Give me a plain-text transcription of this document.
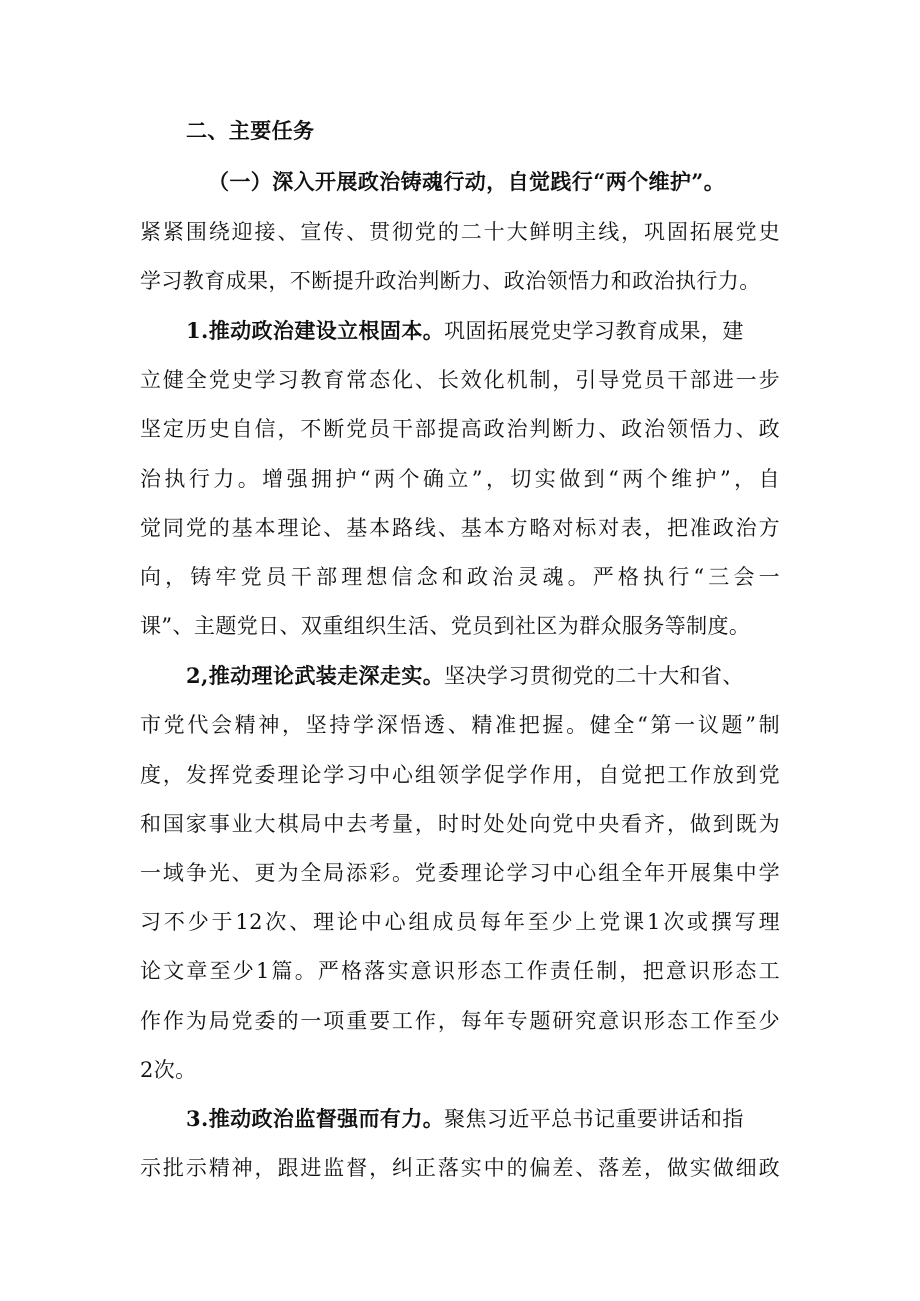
二、主要任务
（一）深入开展政治铸魂行动，自觉践行“两个维护”。
紧紧围绕迎接、宣传、贯彻党的二十大鲜明主线，巩固拓展党史
学习教育成果，不断提升政治判断力、政治领悟力和政治执行力。
1.推动政治建设立根固本。巩固拓展党史学习教育成果，建
立健全党史学习教育常态化、长效化机制，引导党员干部进一步
坚定历史自信，不断党员干部提高政治判断力、政治领悟力、政
治执行力。增强拥护“两个确立”，切实做到“两个维护”，自
觉同党的基本理论、基本路线、基本方略对标对表，把准政治方
向，铸牢党员干部理想信念和政治灵魂。严格执行“三会一
课”、主题党日、双重组织生活、党员到社区为群众服务等制度。
2,推动理论武装走深走实。坚决学习贯彻党的二十大和省、
市党代会精神，坚持学深悟透、精准把握。健全“第一议题”制
度，发挥党委理论学习中心组领学促学作用，自觉把工作放到党
和国家事业大棋局中去考量，时时处处向党中央看齐，做到既为
一域争光、更为全局添彩。党委理论学习中心组全年开展集中学
习不少于12次、理论中心组成员每年至少上党课1次或撰写理
论文章至少1篇。严格落实意识形态工作责任制，把意识形态工
作作为局党委的一项重要工作，每年专题研究意识形态工作至少
2次。
3.推动政治监督强而有力。聚焦习近平总书记重要讲话和指
示批示精神，跟进监督，纠正落实中的偏差、落差，做实做细政
